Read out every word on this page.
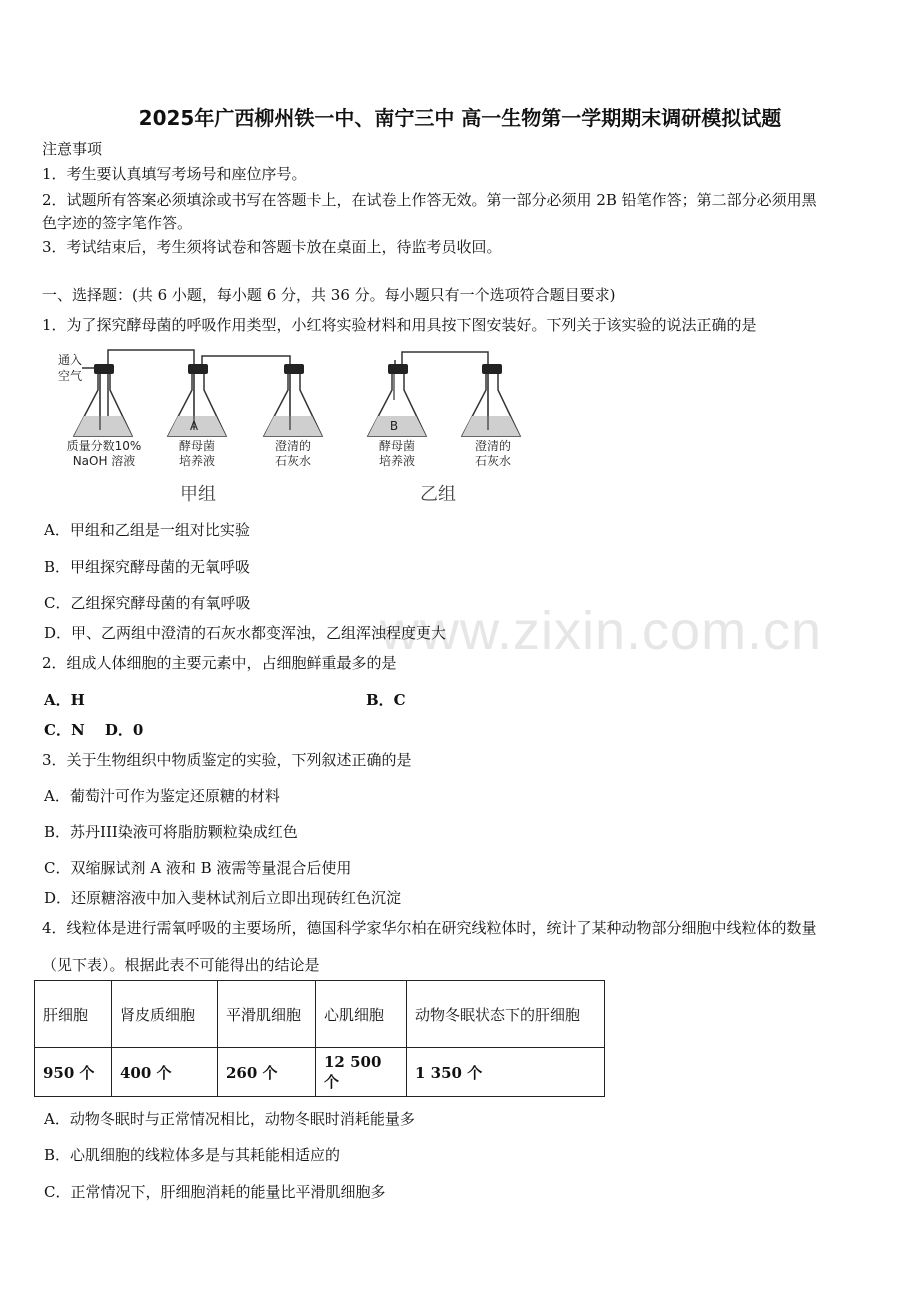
www.zixin.com.cn
2025年广西柳州铁一中、南宁三中 高一生物第一学期期末调研模拟试题
注意事项
1．考生要认真填写考场号和座位序号。
2．试题所有答案必须填涂或书写在答题卡上，在试卷上作答无效。第一部分必须用 2B 铅笔作答；第二部分必须用黑
色字迹的签字笔作答。
3．考试结束后，考生须将试卷和答题卡放在桌面上，待监考员收回。
一、选择题：(共 6 小题，每小题 6 分，共 36 分。每小题只有一个选项符合题目要求)
1．为了探究酵母菌的呼吸作用类型，小红将实验材料和用具按下图安装好。下列关于该实验的说法正确的是
通入
空气
A	B
质量分数10%
NaOH 溶液
酵母菌
培养液
澄清的
石灰水
酵母菌
培养液
澄清的
石灰水
甲组	乙组
A．甲组和乙组是一组对比实验
B．甲组探究酵母菌的无氧呼吸
C．乙组探究酵母菌的有氧呼吸
D．甲、乙两组中澄清的石灰水都变浑浊，乙组浑浊程度更大
2．组成人体细胞的主要元素中，占细胞鲜重最多的是
A．H	B．C
C．N　 D．0
3．关于生物组织中物质鉴定的实验，下列叙述正确的是
A．葡萄汁可作为鉴定还原糖的材料
B．苏丹III染液可将脂肪颗粒染成红色
C．双缩脲试剂 A 液和 B 液需等量混合后使用
D．还原糖溶液中加入斐林试剂后立即出现砖红色沉淀
4．线粒体是进行需氧呼吸的主要场所，德国科学家华尔柏在研究线粒体时，统计了某种动物部分细胞中线粒体的数量
（见下表）。根据此表不可能得出的结论是
肝细胞	肾皮质细胞	平滑肌细胞	心肌细胞	动物冬眠状态下的肝细胞
950 个	400 个	260 个	12 500 个	1 350 个
A．动物冬眠时与正常情况相比，动物冬眠时消耗能量多
B．心肌细胞的线粒体多是与其耗能相适应的
C．正常情况下，肝细胞消耗的能量比平滑肌细胞多
